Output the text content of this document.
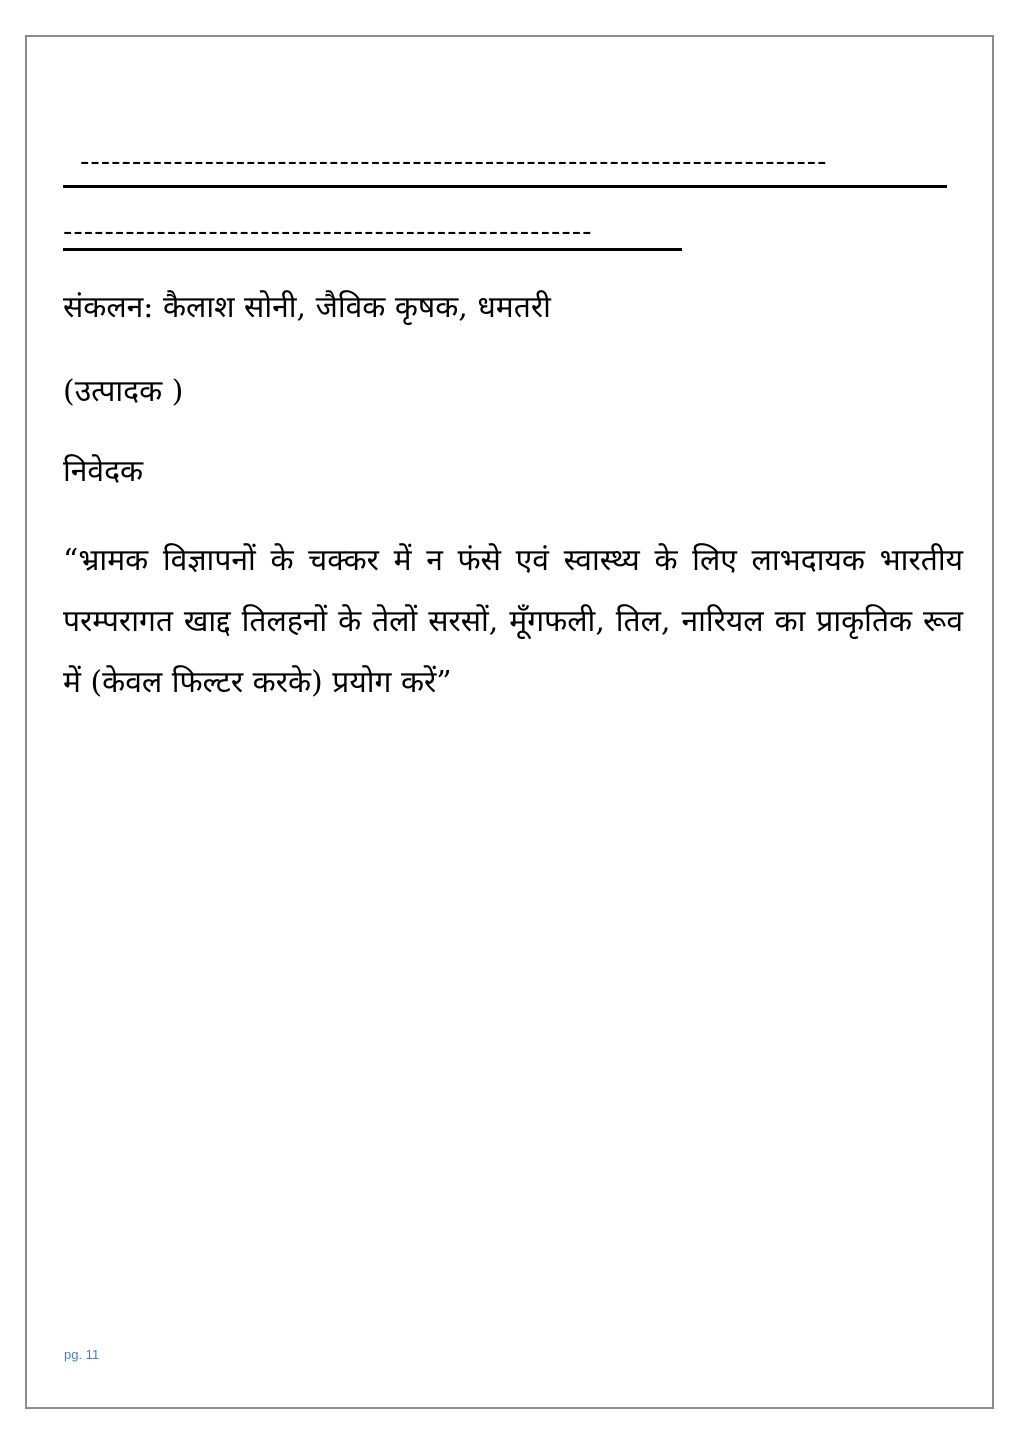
------------------------------------------------------------------------
---------------------------------------------------
संकलन: कैलाश सोनी, जैविक कृषक, धमतरी
(उत्पादक )
निवेदक
“भ्रामक विज्ञापनों के चक्कर में न फंसे एवं स्वास्थ्य के लिए लाभदायक भारतीय परम्परागत खाद्द तिलहनों के तेलों सरसों, मूँगफली, तिल, नारियल का प्राकृतिक रूव में (केवल फिल्टर करके) प्रयोग करें”
pg. 11
